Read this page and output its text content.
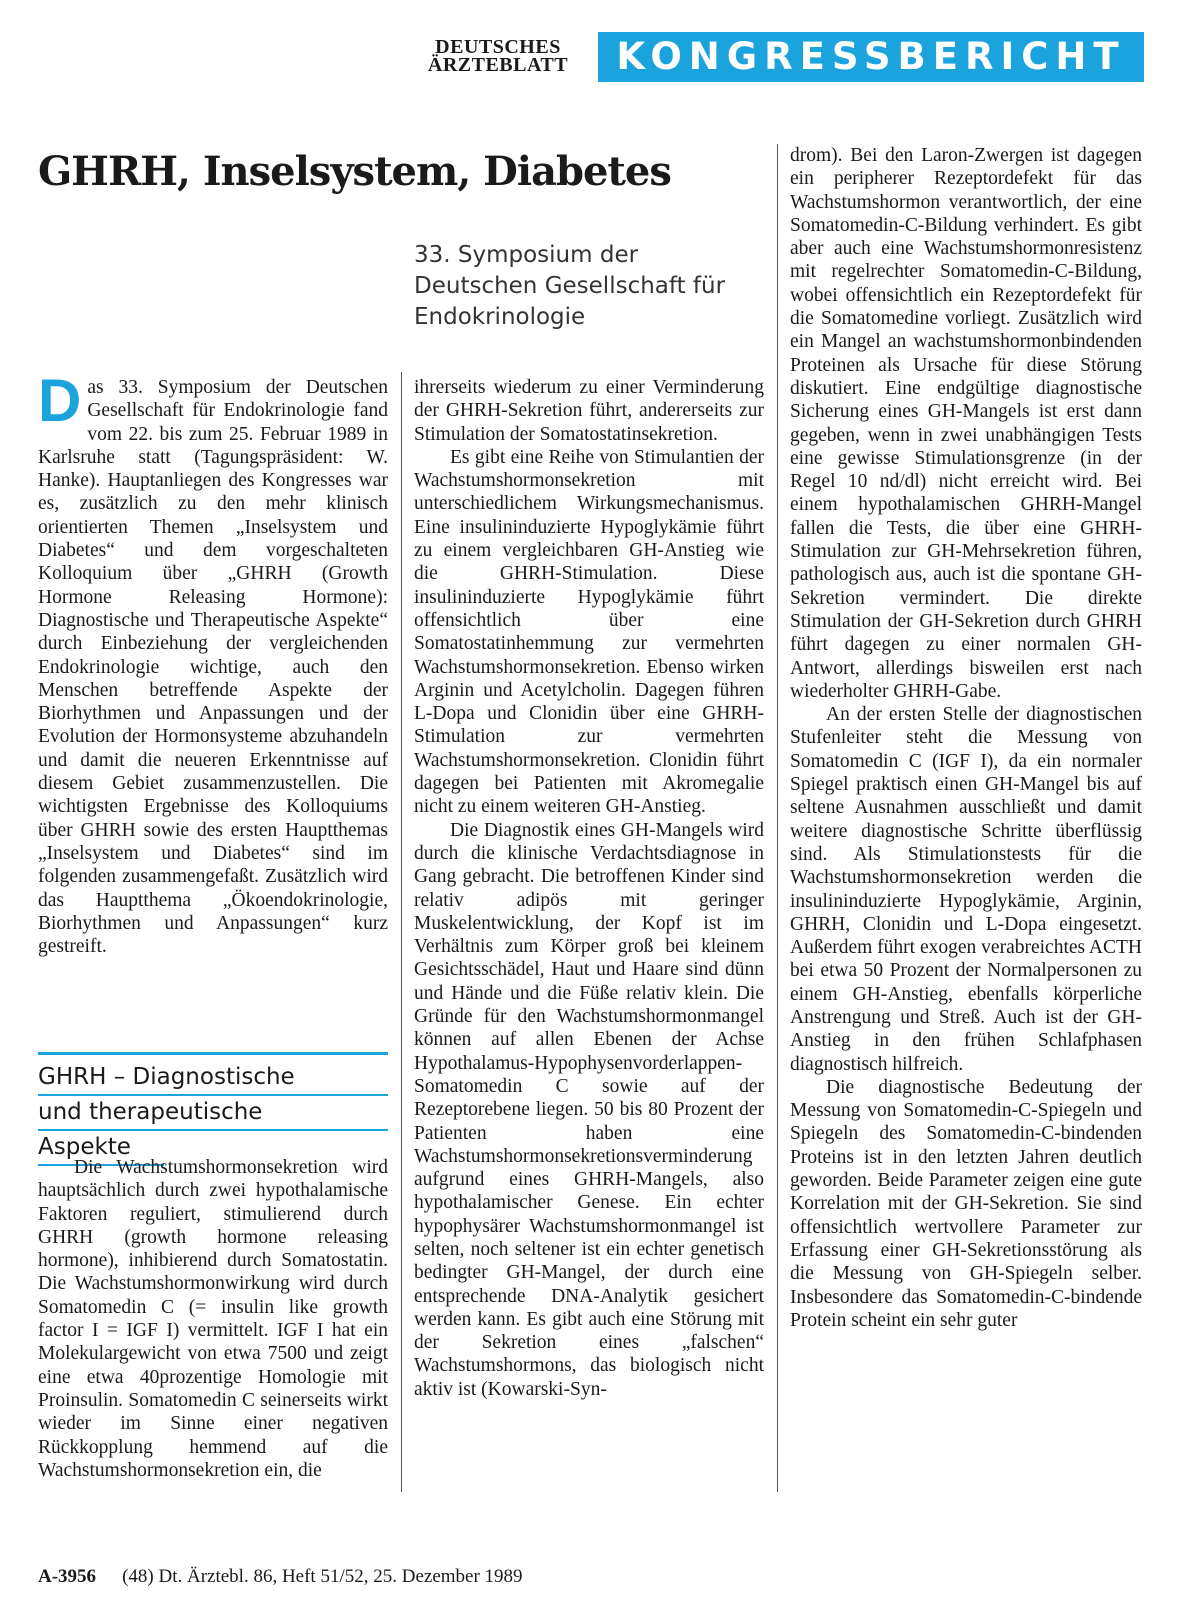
DEUTSCHES
ÄRZTEBLATT	KONGRESSBERICHT
GHRH, Inselsystem, Diabetes
33. Symposium der Deutschen Gesellschaft für Endokrinologie

Das 33. Symposium der Deutschen Gesellschaft für Endokrinologie fand vom 22. bis zum 25. Februar 1989 in Karlsruhe statt (Tagungspräsident: W. Hanke). Hauptanliegen des Kongresses war es, zusätzlich zu den mehr klinisch orientierten Themen „Inselsystem und Diabetes“ und dem vorgeschalteten Kolloquium über „GHRH (Growth Hormone Releasing Hormone): Diagnostische und Therapeutische Aspekte“ durch Einbeziehung der vergleichenden Endokrinologie wichtige, auch den Menschen betreffende Aspekte der Biorhythmen und Anpassungen und der Evolution der Hormonsysteme abzuhandeln und damit die neueren Erkenntnisse auf diesem Gebiet zusammenzustellen. Die wichtigsten Ergebnisse des Kolloquiums über GHRH sowie des ersten Hauptthemas „Inselsystem und Diabetes“ sind im folgenden zusammengefaßt. Zusätzlich wird das Hauptthema „Ökoendokrinologie, Biorhythmen und Anpassungen“ kurz gestreift.

GHRH – Diagnostische
und therapeutische
Aspekte

Die Wachstumshormonsekretion wird hauptsächlich durch zwei hypothalamische Faktoren reguliert, stimulierend durch GHRH (growth hormone releasing hormone), inhibierend durch Somatostatin. Die Wachstumshormonwirkung wird durch Somatomedin C (= insulin like growth factor I = IGF I) vermittelt. IGF I hat ein Molekulargewicht von etwa 7500 und zeigt eine etwa 40prozentige Homologie mit Proinsulin. Somatomedin C seinerseits wirkt wieder im Sinne einer negativen Rückkopplung hemmend auf die Wachstumshormonsekretion ein, die

ihrerseits wiederum zu einer Verminderung der GHRH-Sekretion führt, andererseits zur Stimulation der Somatostatinsekretion.

Es gibt eine Reihe von Stimulantien der Wachstumshormonsekretion mit unterschiedlichem Wirkungsmechanismus. Eine insulininduzierte Hypoglykämie führt zu einem vergleichbaren GH-Anstieg wie die GHRH-Stimulation. Diese insulininduzierte Hypoglykämie führt offensichtlich über eine Somatostatinhemmung zur vermehrten Wachstumshormonsekretion. Ebenso wirken Arginin und Acetylcholin. Dagegen führen L-Dopa und Clonidin über eine GHRH-Stimulation zur vermehrten Wachstumshormonsekretion. Clonidin führt dagegen bei Patienten mit Akromegalie nicht zu einem weiteren GH-Anstieg.

Die Diagnostik eines GH-Mangels wird durch die klinische Verdachtsdiagnose in Gang gebracht. Die betroffenen Kinder sind relativ adipös mit geringer Muskelentwicklung, der Kopf ist im Verhältnis zum Körper groß bei kleinem Gesichtsschädel, Haut und Haare sind dünn und Hände und die Füße relativ klein. Die Gründe für den Wachstumshormonmangel können auf allen Ebenen der Achse Hypothalamus-Hypophysenvorderlappen-Somatomedin C sowie auf der Rezeptorebene liegen. 50 bis 80 Prozent der Patienten haben eine Wachstumshormonsekretionsverminderung aufgrund eines GHRH-Mangels, also hypothalamischer Genese. Ein echter hypophysärer Wachstumshormonmangel ist selten, noch seltener ist ein echter genetisch bedingter GH-Mangel, der durch eine entsprechende DNA-Analytik gesichert werden kann. Es gibt auch eine Störung mit der Sekretion eines „falschen“ Wachstumshormons, das biologisch nicht aktiv ist (Kowarski-Syn-

drom). Bei den Laron-Zwergen ist dagegen ein peripherer Rezeptordefekt für das Wachstumshormon verantwortlich, der eine Somatomedin-C-Bildung verhindert. Es gibt aber auch eine Wachstumshormonresistenz mit regelrechter Somatomedin-C-Bildung, wobei offensichtlich ein Rezeptordefekt für die Somatomedine vorliegt. Zusätzlich wird ein Mangel an wachstumshormonbindenden Proteinen als Ursache für diese Störung diskutiert. Eine endgültige diagnostische Sicherung eines GH-Mangels ist erst dann gegeben, wenn in zwei unabhängigen Tests eine gewisse Stimulationsgrenze (in der Regel 10 nd/dl) nicht erreicht wird. Bei einem hypothalamischen GHRH-Mangel fallen die Tests, die über eine GHRH-Stimulation zur GH-Mehrsekretion führen, pathologisch aus, auch ist die spontane GH-Sekretion vermindert. Die direkte Stimulation der GH-Sekretion durch GHRH führt dagegen zu einer normalen GH-Antwort, allerdings bisweilen erst nach wiederholter GHRH-Gabe.

An der ersten Stelle der diagnostischen Stufenleiter steht die Messung von Somatomedin C (IGF I), da ein normaler Spiegel praktisch einen GH-Mangel bis auf seltene Ausnahmen ausschließt und damit weitere diagnostische Schritte überflüssig sind. Als Stimulationstests für die Wachstumshormonsekretion werden die insulininduzierte Hypoglykämie, Arginin, GHRH, Clonidin und L-Dopa eingesetzt. Außerdem führt exogen verabreichtes ACTH bei etwa 50 Prozent der Normalpersonen zu einem GH-Anstieg, ebenfalls körperliche Anstrengung und Streß. Auch ist der GH-Anstieg in den frühen Schlafphasen diagnostisch hilfreich.

Die diagnostische Bedeutung der Messung von Somatomedin-C-Spiegeln und Spiegeln des Somatomedin-C-bindenden Proteins ist in den letzten Jahren deutlich geworden. Beide Parameter zeigen eine gute Korrelation mit der GH-Sekretion. Sie sind offensichtlich wertvollere Parameter zur Erfassung einer GH-Sekretionsstörung als die Messung von GH-Spiegeln selber. Insbesondere das Somatomedin-C-bindende Protein scheint ein sehr guter

A-3956 (48) Dt. Ärztebl. 86, Heft 51/52, 25. Dezember 1989
